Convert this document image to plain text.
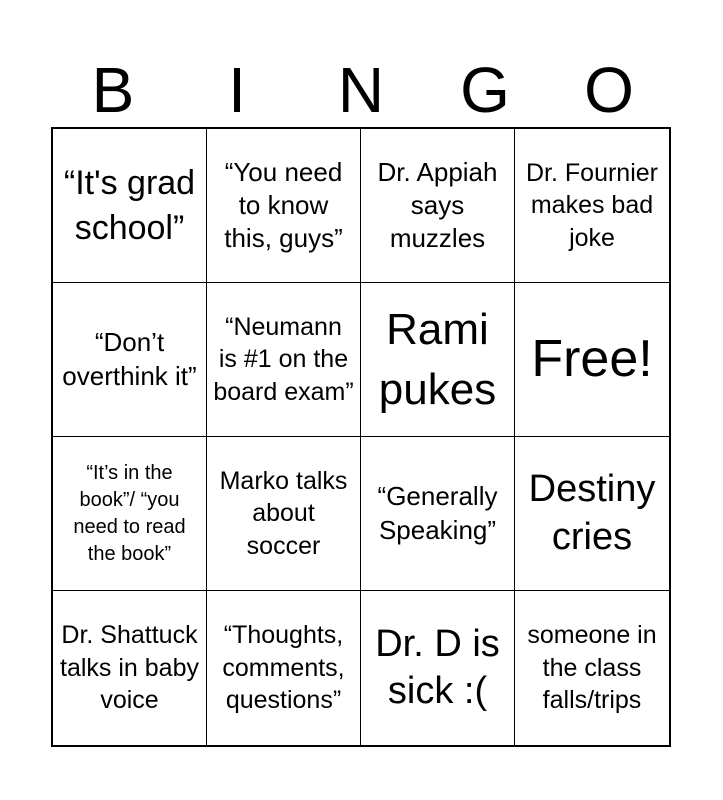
B	I	N	G	O
“It's grad school”
“You need to know this, guys”
Dr. Appiah says muzzles
Dr. Fournier makes bad joke
“Don’t overthink it”
“Neumann is #1 on the board exam”
Rami pukes
Free!
“It’s in the book”/ “you need to read the book”
Marko talks about soccer
“Generally Speaking”
Destiny cries
Dr. Shattuck talks in baby voice
“Thoughts, comments, questions”
Dr. D is sick :(
someone in the class falls/trips
